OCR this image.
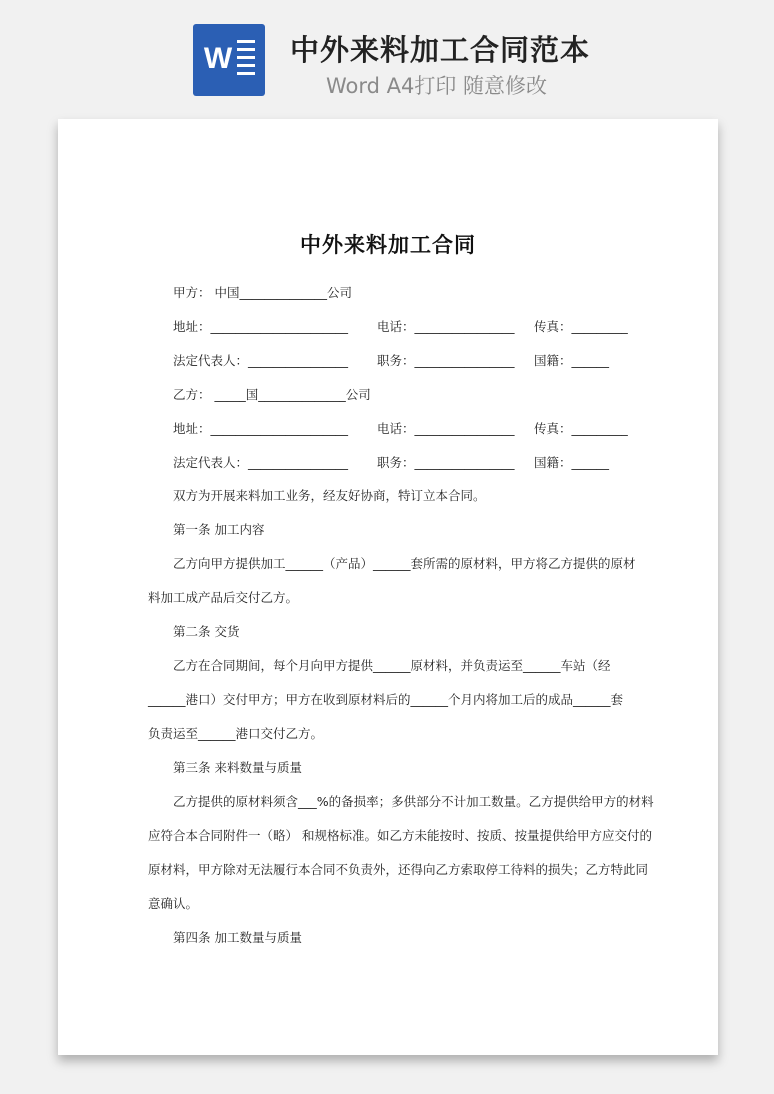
W 中外来料加工合同范本
Word A4打印 随意修改
中外来料加工合同
甲方： 中国______________公司
地址：______________________ 电话：________________ 传真：_________
法定代表人：________________ 职务：________________ 国籍：______
乙方： _____国______________公司
地址：______________________ 电话：________________ 传真：_________
法定代表人：________________ 职务：________________ 国籍：______
双方为开展来料加工业务，经友好协商，特订立本合同。
第一条 加工内容
乙方向甲方提供加工______（产品）______套所需的原材料，甲方将乙方提供的原材
料加工成产品后交付乙方。
第二条 交货
乙方在合同期间，每个月向甲方提供______原材料，并负责运至______车站（经
______港口）交付甲方；甲方在收到原材料后的______个月内将加工后的成品______套
负责运至______港口交付乙方。
第三条 来料数量与质量
乙方提供的原材料须含___%的备损率；多供部分不计加工数量。乙方提供给甲方的材料
应符合本合同附件一（略） 和规格标准。如乙方未能按时、按质、按量提供给甲方应交付的
原材料，甲方除对无法履行本合同不负责外，还得向乙方索取停工待料的损失；乙方特此同
意确认。
第四条 加工数量与质量
